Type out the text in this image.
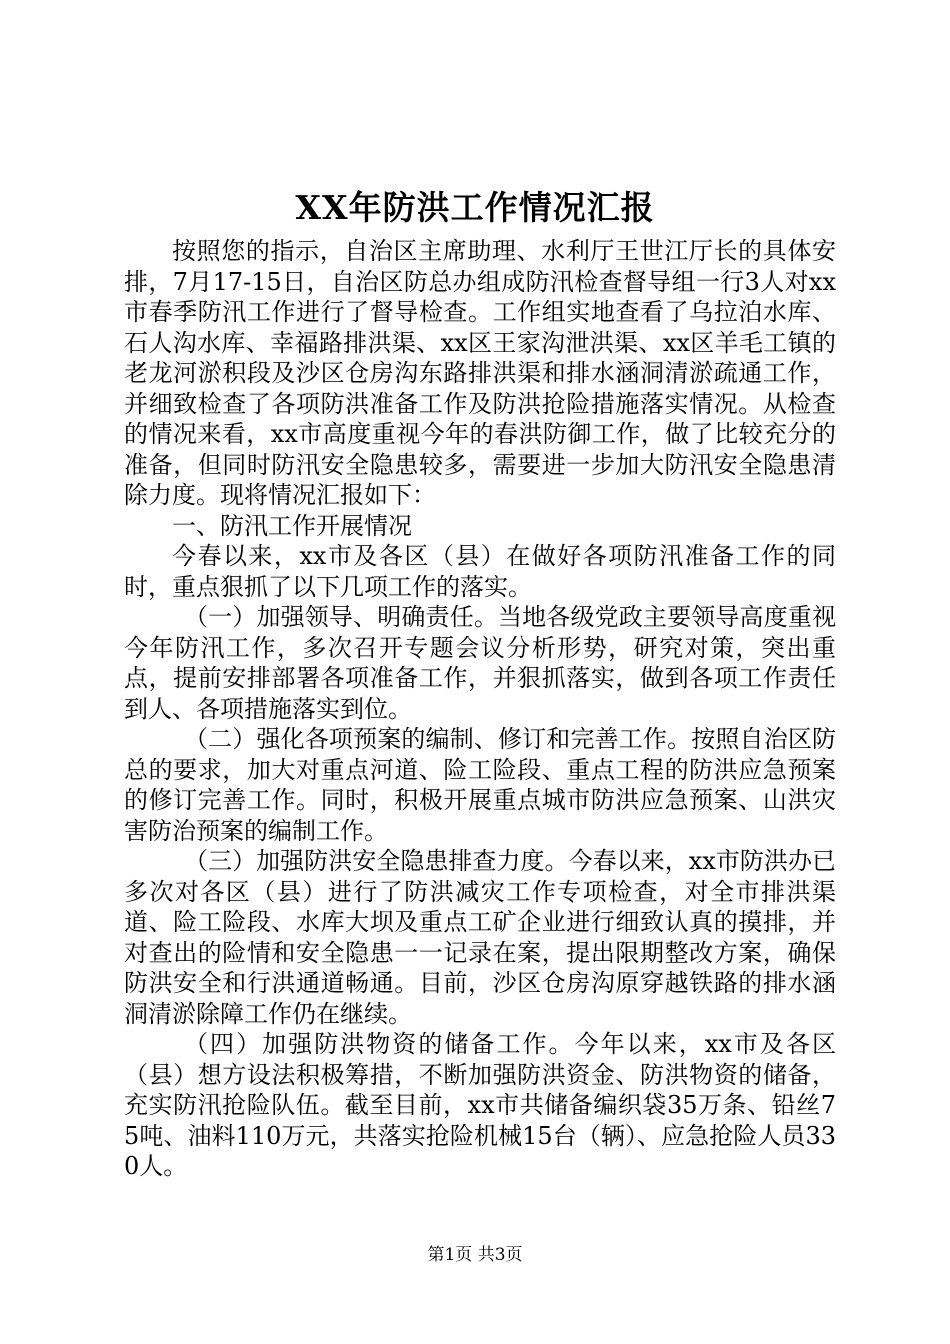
XX年防洪工作情况汇报

按照您的指示，自治区主席助理、水利厅王世江厅长的具体安排，7月17-15日，自治区防总办组成防汛检查督导组一行3人对xx市春季防汛工作进行了督导检查。工作组实地查看了乌拉泊水库、石人沟水库、幸福路排洪渠、xx区王家沟泄洪渠、xx区羊毛工镇的老龙河淤积段及沙区仓房沟东路排洪渠和排水涵洞清淤疏通工作，并细致检查了各项防洪准备工作及防洪抢险措施落实情况。从检查的情况来看，xx市高度重视今年的春洪防御工作，做了比较充分的准备，但同时防汛安全隐患较多，需要进一步加大防汛安全隐患清除力度。现将情况汇报如下：

一、防汛工作开展情况

今春以来，xx市及各区（县）在做好各项防汛准备工作的同时，重点狠抓了以下几项工作的落实。

（一）加强领导、明确责任。当地各级党政主要领导高度重视今年防汛工作，多次召开专题会议分析形势，研究对策，突出重点，提前安排部署各项准备工作，并狠抓落实，做到各项工作责任到人、各项措施落实到位。

（二）强化各项预案的编制、修订和完善工作。按照自治区防总的要求，加大对重点河道、险工险段、重点工程的防洪应急预案的修订完善工作。同时，积极开展重点城市防洪应急预案、山洪灾害防治预案的编制工作。

（三）加强防洪安全隐患排查力度。今春以来，xx市防洪办已多次对各区（县）进行了防洪减灾工作专项检查，对全市排洪渠道、险工险段、水库大坝及重点工矿企业进行细致认真的摸排，并对查出的险情和安全隐患一一记录在案，提出限期整改方案，确保防洪安全和行洪通道畅通。目前，沙区仓房沟原穿越铁路的排水涵洞清淤除障工作仍在继续。

（四）加强防洪物资的储备工作。今年以来，xx市及各区（县）想方设法积极筹措，不断加强防洪资金、防洪物资的储备，充实防汛抢险队伍。截至目前，xx市共储备编织袋35万条、铅丝75吨、油料110万元，共落实抢险机械15台（辆）、应急抢险人员330人。

第1页 共3页
